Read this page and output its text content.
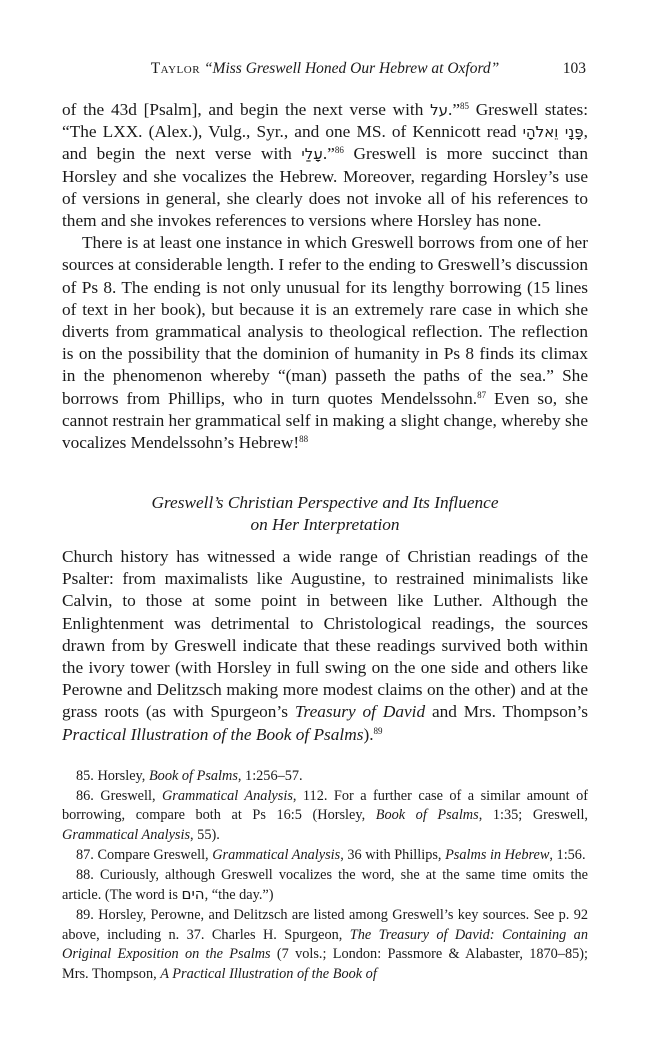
Taylor “Miss Greswell Honed Our Hebrew at Oxford”	103

of the 43d [Psalm], and begin the next verse with על.”$^{85}$ Greswell states: “The LXX. (Alex.), Vulg., Syr., and one MS. of Kennicott read פָּנָי וֵאלֹהָי, and begin the next verse with עָלַי.”$^{86}$ Greswell is more succinct than Horsley and she vocalizes the Hebrew. Moreover, regarding Horsley’s use of versions in general, she clearly does not invoke all of his references to them and she invokes references to versions where Horsley has none.

There is at least one instance in which Greswell borrows from one of her sources at considerable length. I refer to the ending to Greswell’s discussion of Ps 8. The ending is not only unusual for its lengthy borrowing (15 lines of text in her book), but because it is an extremely rare case in which she diverts from grammatical analysis to theological reflection. The reflection is on the possibility that the dominion of humanity in Ps 8 finds its climax in the phenomenon whereby “(man) passeth the paths of the sea.” She borrows from Phillips, who in turn quotes Mendelssohn.$^{87}$ Even so, she cannot restrain her grammatical self in making a slight change, whereby she vocalizes Mendelssohn’s Hebrew!$^{88}$

Greswell’s Christian Perspective and Its Influence
on Her Interpretation

Church history has witnessed a wide range of Christian readings of the Psalter: from maximalists like Augustine, to restrained minimalists like Calvin, to those at some point in between like Luther. Although the Enlightenment was detrimental to Christological readings, the sources drawn from by Greswell indicate that these readings survived both within the ivory tower (with Horsley in full swing on the one side and others like Perowne and Delitzsch making more modest claims on the other) and at the grass roots (as with Spurgeon’s Treasury of David and Mrs. Thompson’s Practical Illustration of the Book of Psalms).$^{89}$

85. Horsley, Book of Psalms, 1:256–57.

86. Greswell, Grammatical Analysis, 112. For a further case of a similar amount of borrowing, compare both at Ps 16:5 (Horsley, Book of Psalms, 1:35; Greswell, Grammatical Analysis, 55).

87. Compare Greswell, Grammatical Analysis, 36 with Phillips, Psalms in Hebrew, 1:56.

88. Curiously, although Greswell vocalizes the word, she at the same time omits the article. (The word is הים, “the day.”)

89. Horsley, Perowne, and Delitzsch are listed among Greswell’s key sources. See p. 92 above, including n. 37. Charles H. Spurgeon, The Treasury of David: Containing an Original Exposition on the Psalms (7 vols.; London: Passmore & Alabaster, 1870–85); Mrs. Thompson, A Practical Illustration of the Book of
